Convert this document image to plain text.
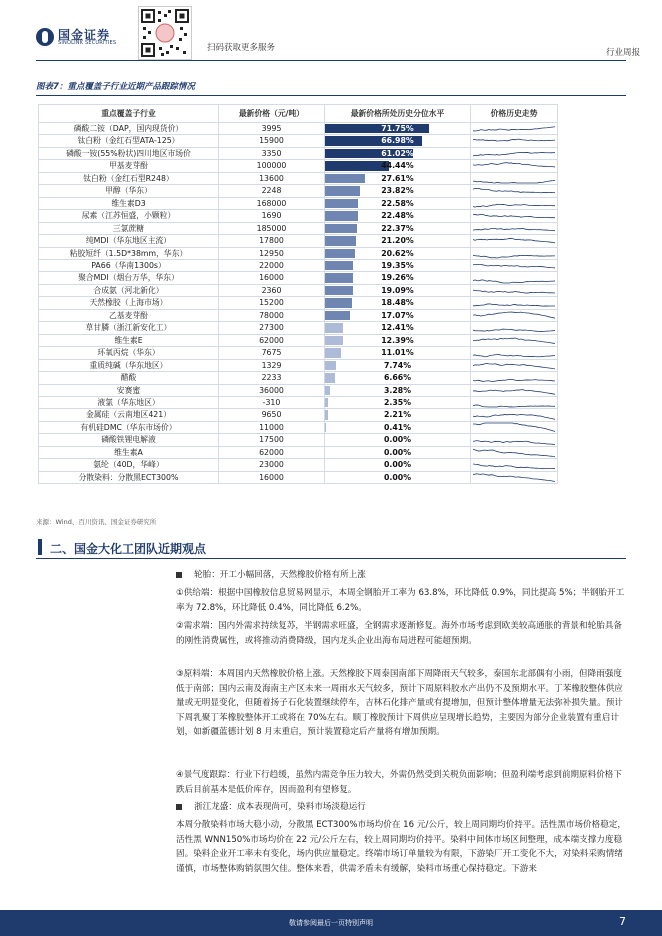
国金证券
SINOLINK SECURITIES	扫码获取更多服务	行业周报
图表7：重点覆盖子行业近期产品跟踪情况
重点覆盖子行业	最新价格（元/吨）	最新价格所处历史分位水平	价格历史走势
磷酸二铵（DAP，国内现货价）	3995	71.75%	

钛白粉（金红石型ATA-125）	15900	66.98%	

磷酸一铵(55%粉状)四川地区市场价	3350	61.02%	

甲基麦芽酚	100000	44.44%	

钛白粉（金红石型R248）	13600	27.61%	

甲醇（华东）	2248	23.82%	

维生素D3	168000	22.58%	

尿素（江苏恒盛，小颗粒）	1690	22.48%	

三氯蔗糖	185000	22.37%	

纯MDI（华东地区主流）	17800	21.20%	

粘胶短纤（1.5D*38mm，华东）	12950	20.62%	

PA66（华南1300s）	22000	19.35%	

聚合MDI（烟台万华，华东）	16000	19.26%	

合成氨（河北新化）	2360	19.09%	

天然橡胶（上海市场）	15200	18.48%	

乙基麦芽酚	78000	17.07%	

草甘膦（浙江新安化工）	27300	12.41%	

维生素E	62000	12.39%	

环氧丙烷（华东）	7675	11.01%	

重质纯碱（华东地区）	1329	7.74%	

醋酸	2233	6.66%	

安赛蜜	36000	3.28%	

液氯（华东地区）	-310	2.35%	

金属硅（云南地区421）	9650	2.21%	

有机硅DMC（华东市场价）	11000	0.41%	

磷酸铁锂电解液	17500	0.00%	

维生素A	62000	0.00%	

氨纶（40D，华峰）	23000	0.00%	

分散染料：分散黑ECT300%	16000	0.00%	
来源：Wind、百川资讯、国金证券研究所
二、国金大化工团队近期观点
轮胎：开工小幅回落，天然橡胶价格有所上涨
①供给端：根据中国橡胶信息贸易网显示，本周全钢胎开工率为 63.8%，环比降低 0.9%，同比提高 5%；半钢胎开工率为 72.8%，环比降低 0.4%，同比降低 6.2%。
②需求端：国内外需求持续复苏，半钢需求旺盛，全钢需求逐渐修复。海外市场考虑到欧美较高通胀的背景和轮胎具备的刚性消费属性，或将推动消费降级，国内龙头企业出海布局进程可能超预期。
③原料端：本周国内天然橡胶价格上涨。天然橡胶下周泰国南部下周降雨天气较多，泰国东北部偶有小雨，但降雨强度低于南部；国内云南及海南主产区未来一周雨水天气较多，预计下周原料胶水产出仍不及预期水平。丁苯橡胶整体供应量或无明显变化，但随着扬子石化装置继续停车，吉林石化排产量或有提增加，但预计整体增量无法弥补损失量。预计下周乳聚丁苯橡胶整体开工或将在 70%左右。顺丁橡胶预计下周供应呈现增长趋势，主要因为部分企业装置有重启计划，如新疆蓝德计划 8 月末重启，预计装置稳定后产量将有增加预期。
④景气度跟踪：行业下行趋缓，虽然内需竞争压力较大，外需仍然受到关税负面影响；但盈利端考虑到前期原料价格下跌后目前基本是低价库存，因而盈利有望修复。
浙江龙盛：成本表现尚可，染料市场淡稳运行
本周分散染料市场大稳小动，分散黑 ECT300%市场均价在 16 元/公斤，较上周同期均价持平。活性黑市场价格稳定，活性黑 WNN150%市场均价在 22 元/公斤左右，较上周同期均价持平。染料中间体市场区间整理，成本端支撑力度稳固。染料企业开工率未有变化，场内供应量稳定。终端市场订单量较为有限，下游染厂开工变化不大，对染料采购情绪谨慎，市场整体购销氛围欠佳。整体来看，供需矛盾未有缓解，染料市场重心保持稳定。下游来
敬请参阅最后一页特别声明	7
